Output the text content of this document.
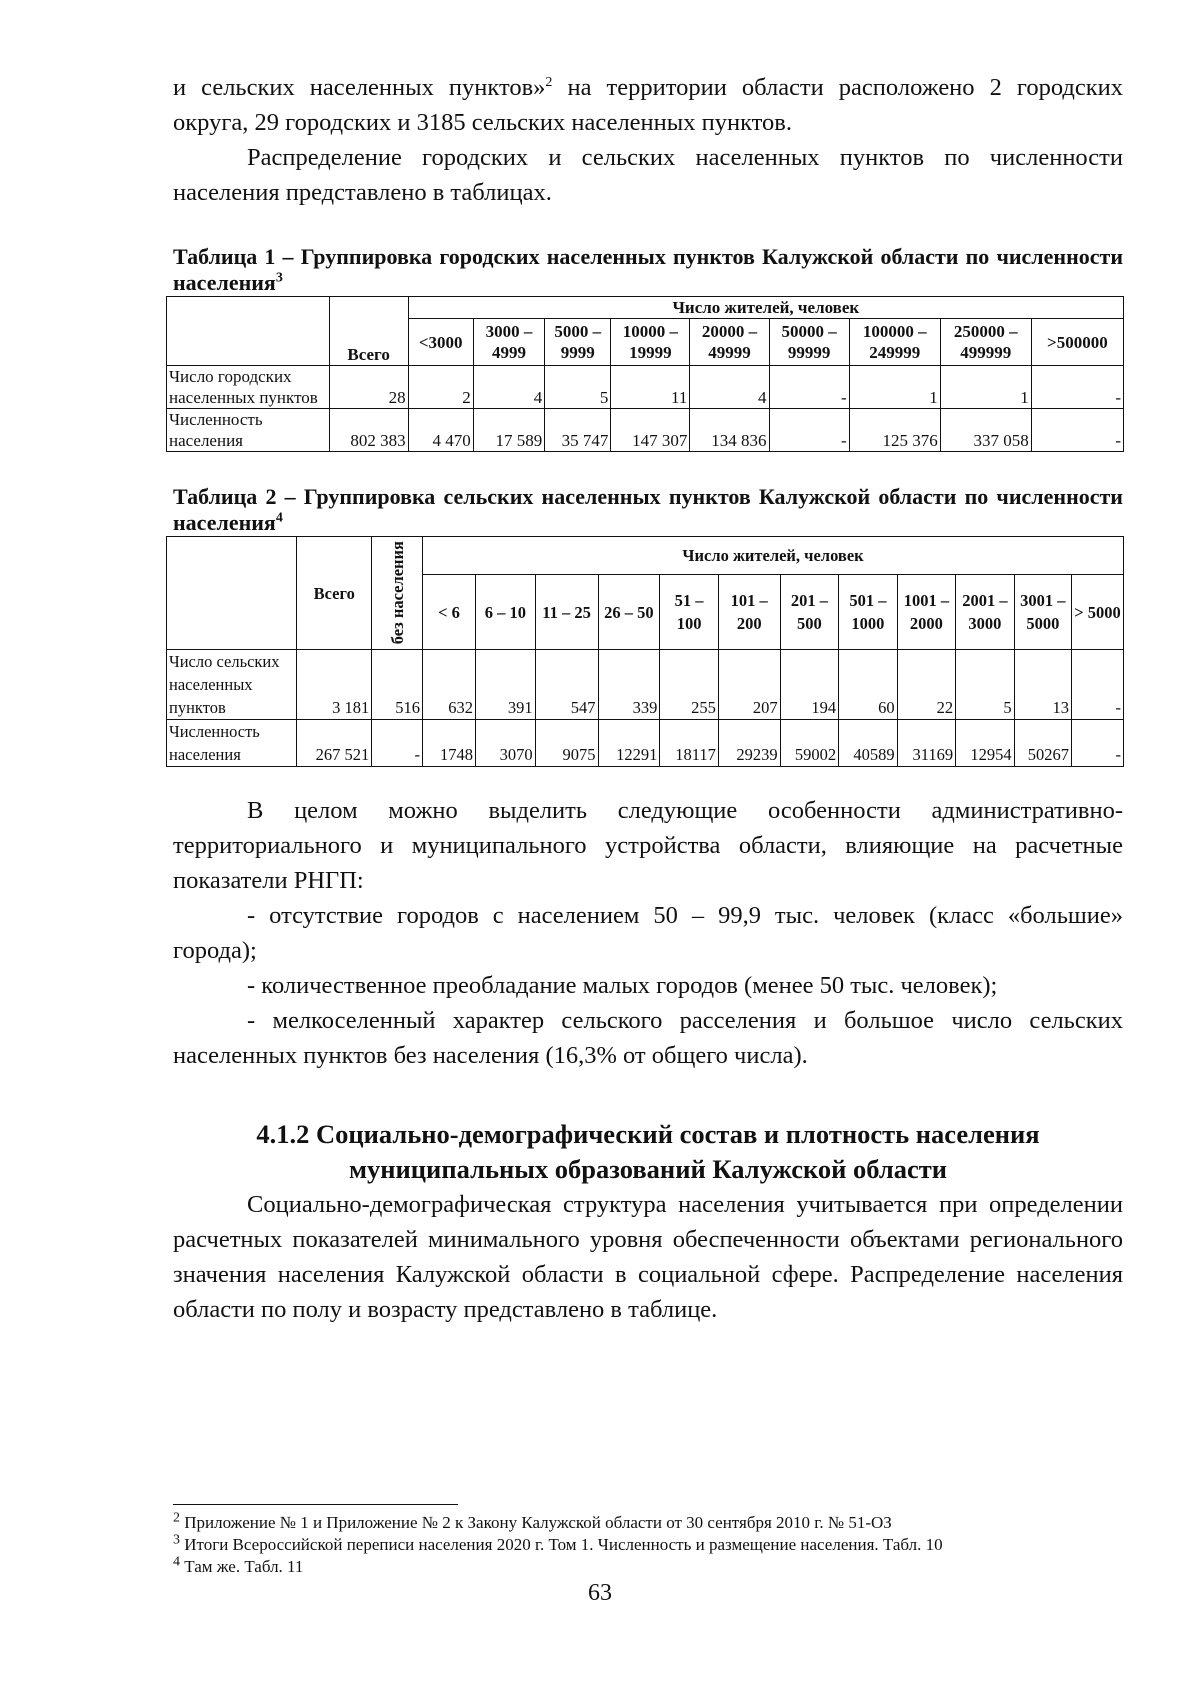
и сельских населенных пунктов»$^2$ на территории области расположено 2 городских округа, 29 городских и 3185 сельских населенных пунктов.

Распределение городских и сельских населенных пунктов по численности населения представлено в таблицах.

Таблица 1 – Группировка городских населенных пунктов Калужской области по численности населения$^3$
	Всего	Число жителей, человек								
		<3000	3000 – 4999	5000 – 9999	10000 – 19999	20000 – 49999	50000 – 99999	100000 – 249999	250000 – 499999	>500000
Число городских населенных пунктов	28	2	4	5	11	4	-	1	1	-
Численность населения	802 383	4 470	17 589	35 747	147 307	134 836	-	125 376	337 058	-
Таблица 2 – Группировка сельских населенных пунктов Калужской области по численности населения$^4$
	Всего	без населения	Число жителей, человек											
			< 6	6 – 10	11 – 25	26 – 50	51 – 100	101 – 200	201 – 500	501 – 1000	1001 – 2000	2001 – 3000	3001 – 5000	> 5000
Число сельских населенных пунктов	3 181	516	632	391	547	339	255	207	194	60	22	5	13	-
Численность населения	267 521	-	1748	3070	9075	12291	18117	29239	59002	40589	31169	12954	50267	-

В целом можно выделить следующие особенности административно-территориального и муниципального устройства области, влияющие на расчетные показатели РНГП:

- отсутствие городов с населением 50 – 99,9 тыс. человек (класс «большие» города);

- количественное преобладание малых городов (менее 50 тыс. человек);

- мелкоселенный характер сельского расселения и большое число сельских населенных пунктов без населения (16,3% от общего числа).

4.1.2 Социально-демографический состав и плотность населения муниципальных образований Калужской области

Социально-демографическая структура населения учитывается при определении расчетных показателей минимального уровня обеспеченности объектами регионального значения населения Калужской области в социальной сфере. Распределение населения области по полу и возрасту представлено в таблице.

$^2$ Приложение № 1 и Приложение № 2 к Закону Калужской области от 30 сентября 2010 г. № 51-ОЗ
$^3$ Итоги Всероссийской переписи населения 2020 г. Том 1. Численность и размещение населения. Табл. 10
$^4$ Там же. Табл. 11
63
